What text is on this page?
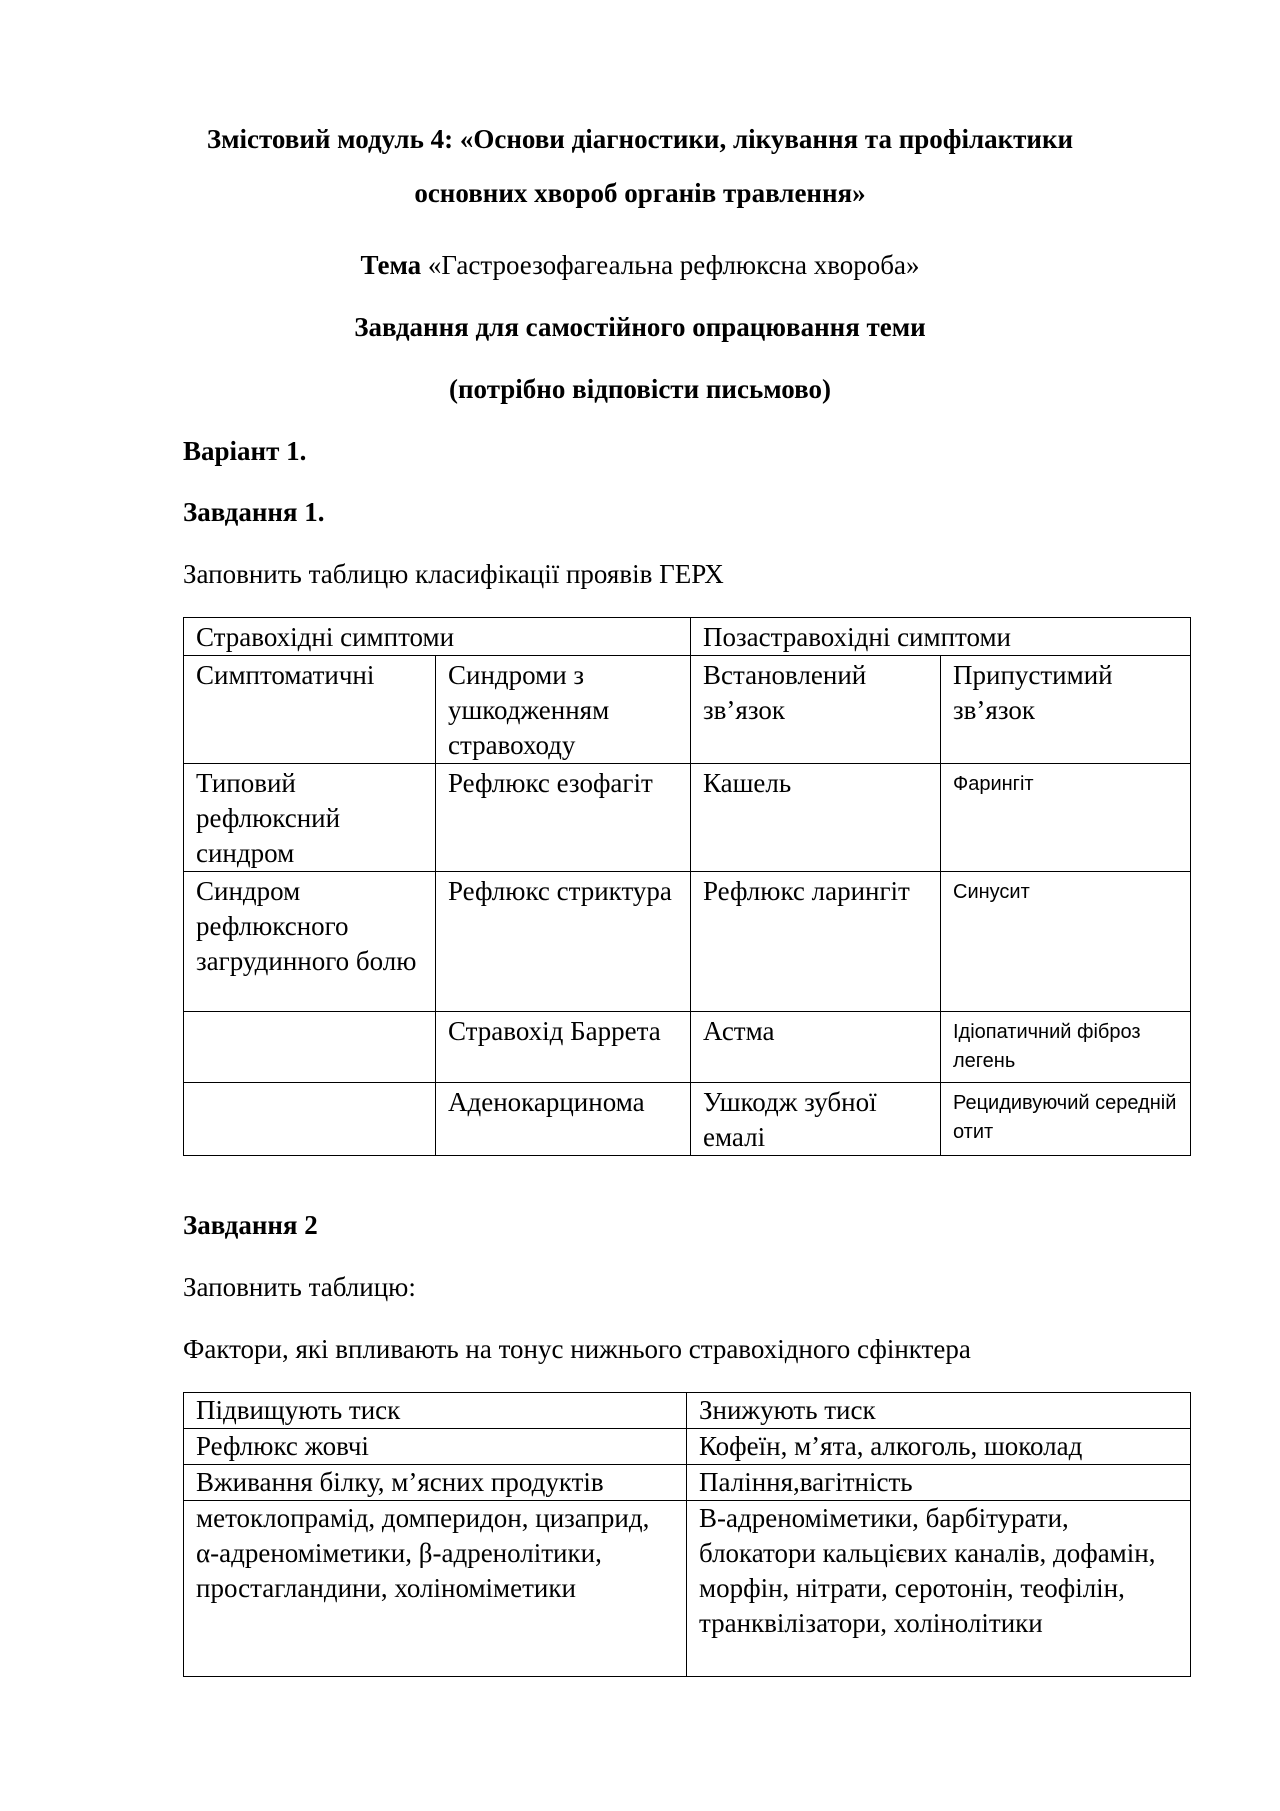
Змістовий модуль 4: «Основи діагностики, лікування та профілактики
основних хвороб органів травлення»
Тема «Гастроезофагеальна рефлюксна хвороба»
Завдання для самостійного опрацювання теми
(потрібно відповісти письмово)
Варіант 1.
Завдання 1.
Заповнить таблицю класифікації проявів ГЕРХ
Стравохідні симптоми		Позастравохідні симптоми	
Симптоматичні	Синдроми з ушкодженням стравоходу	Встановлений зв’язок	Припустимий зв’язок
Типовий рефлюксний синдром	Рефлюкс езофагіт	Кашель	Фарингіт
Синдром рефлюксного загрудинного болю	Рефлюкс стриктура	Рефлюкс ларингіт	Синусит
	Стравохід Баррета	Астма	Ідіопатичний фіброз легень
	Аденокарцинома	Ушкодж зубної емалі	Рецидивуючий середній отит
Завдання 2
Заповнить таблицю:
Фактори, які впливають на тонус нижнього стравохідного сфінктера
Підвищують тиск	Знижують тиск
Рефлюкс жовчі	Кофеїн, м’ята, алкоголь, шоколад
Вживання білку, м’ясних продуктів	Паління,вагітність
метоклопрамід, домперидон, цизаприд, α-адреноміметики, β-адренолітики, простагландини, холіноміметики	B-адреноміметики, барбітурати, блокатори кальцієвих каналів, дофамін, морфін, нітрати, серотонін, теофілін, транквілізатори, холінолітики
